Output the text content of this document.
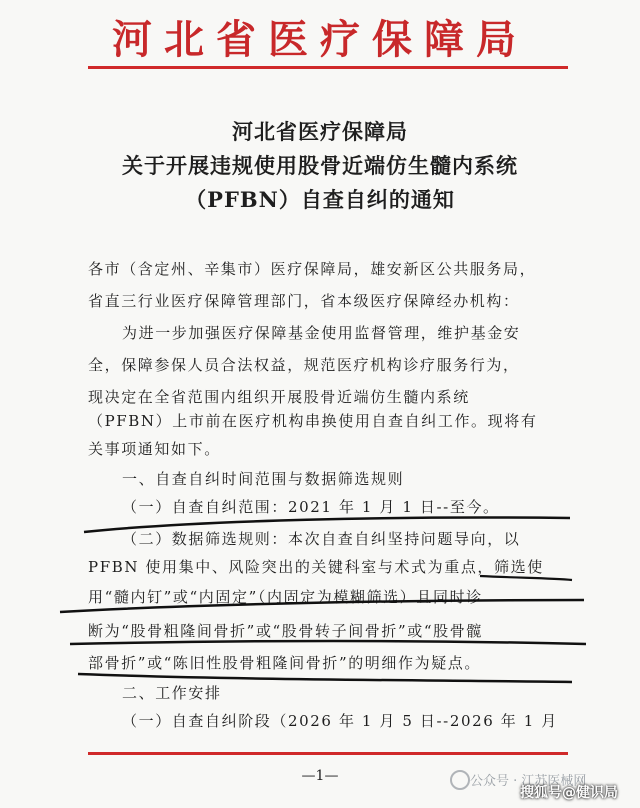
河北省医疗保障局
河北省医疗保障局
关于开展违规使用股骨近端仿生髓内系统
（PFBN）自查自纠的通知
各市（含定州、辛集市）医疗保障局，雄安新区公共服务局，
省直三行业医疗保障管理部门，省本级医疗保障经办机构：
为进一步加强医疗保障基金使用监督管理，维护基金安
全，保障参保人员合法权益，规范医疗机构诊疗服务行为，
现决定在全省范围内组织开展股骨近端仿生髓内系统
（PFBN）上市前在医疗机构串换使用自查自纠工作。现将有
关事项通知如下。
一、自查自纠时间范围与数据筛选规则
（一）自查自纠范围：2021 年 1 月 1 日--至今。
（二）数据筛选规则：本次自查自纠坚持问题导向，以
PFBN 使用集中、风险突出的关键科室与术式为重点，筛选使
用“髓内钉”或“内固定”（内固定为模糊筛选）且同时诊
断为“股骨粗隆间骨折”或“股骨转子间骨折”或“股骨髋
部骨折”或“陈旧性股骨粗隆间骨折”的明细作为疑点。
二、工作安排
（一）自查自纠阶段（2026 年 1 月 5 日--2026 年 1 月
—1—	公众号 · 江苏医械网
搜狐号@健识局
